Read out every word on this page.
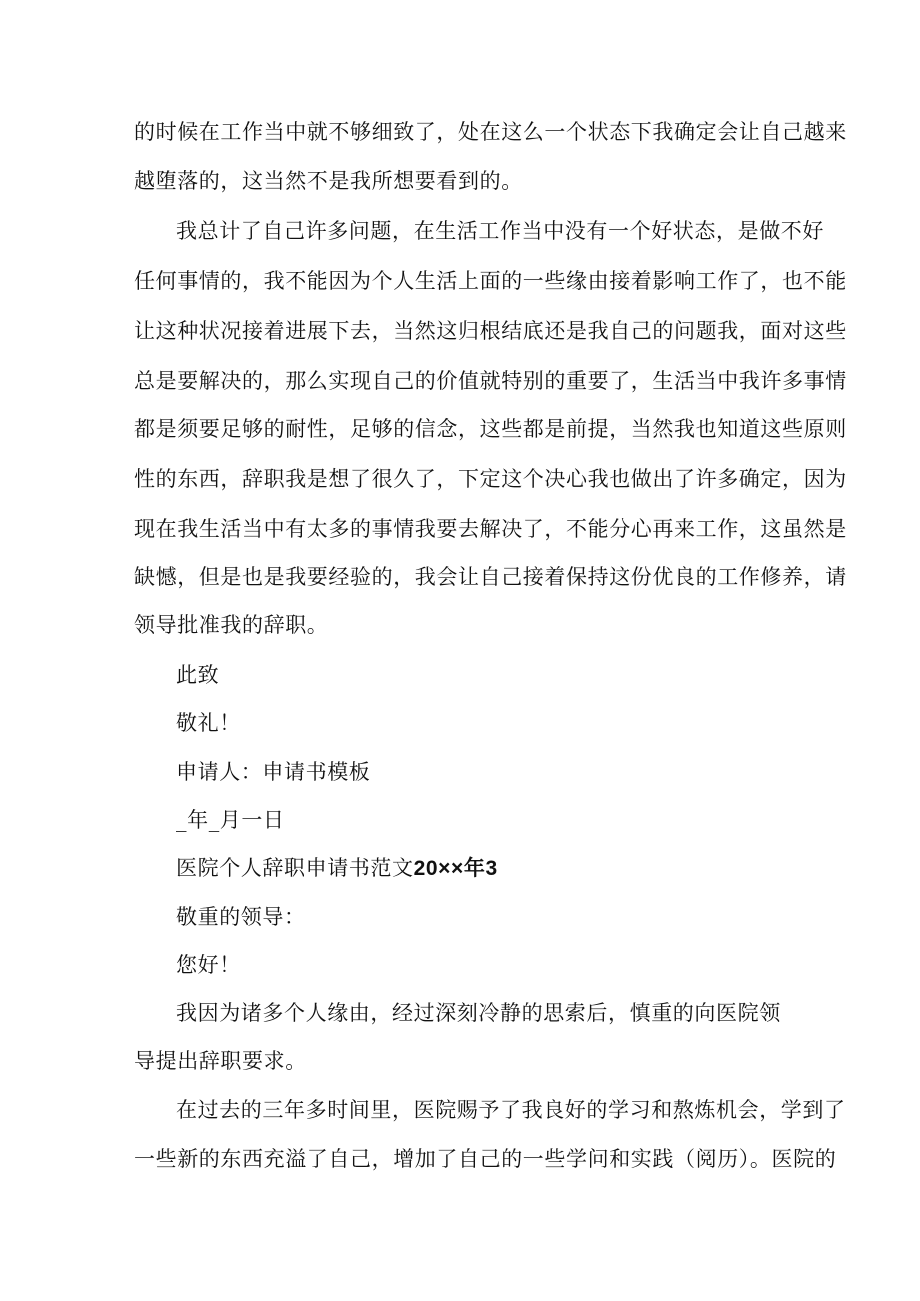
的时候在工作当中就不够细致了，处在这么一个状态下我确定会让自己越来
越堕落的，这当然不是我所想要看到的。
我总计了自己许多问题，在生活工作当中没有一个好状态，是做不好
任何事情的，我不能因为个人生活上面的一些缘由接着影响工作了，也不能
让这种状况接着进展下去，当然这归根结底还是我自己的问题我，面对这些
总是要解决的，那么实现自己的价值就特别的重要了，生活当中我许多事情
都是须要足够的耐性，足够的信念，这些都是前提，当然我也知道这些原则
性的东西，辞职我是想了很久了，下定这个决心我也做出了许多确定，因为
现在我生活当中有太多的事情我要去解决了，不能分心再来工作，这虽然是
缺憾，但是也是我要经验的，我会让自己接着保持这份优良的工作修养，请
领导批准我的辞职。
此致
敬礼！
申请人：申请书模板
_年_月一日
医院个人辞职申请书范文20××年3
敬重的领导：
您好！
我因为诸多个人缘由，经过深刻冷静的思索后，慎重的向医院领
导提出辞职要求。
在过去的三年多时间里，医院赐予了我良好的学习和熬炼机会，学到了
一些新的东西充溢了自己，增加了自己的一些学问和实践（阅历）。医院的
